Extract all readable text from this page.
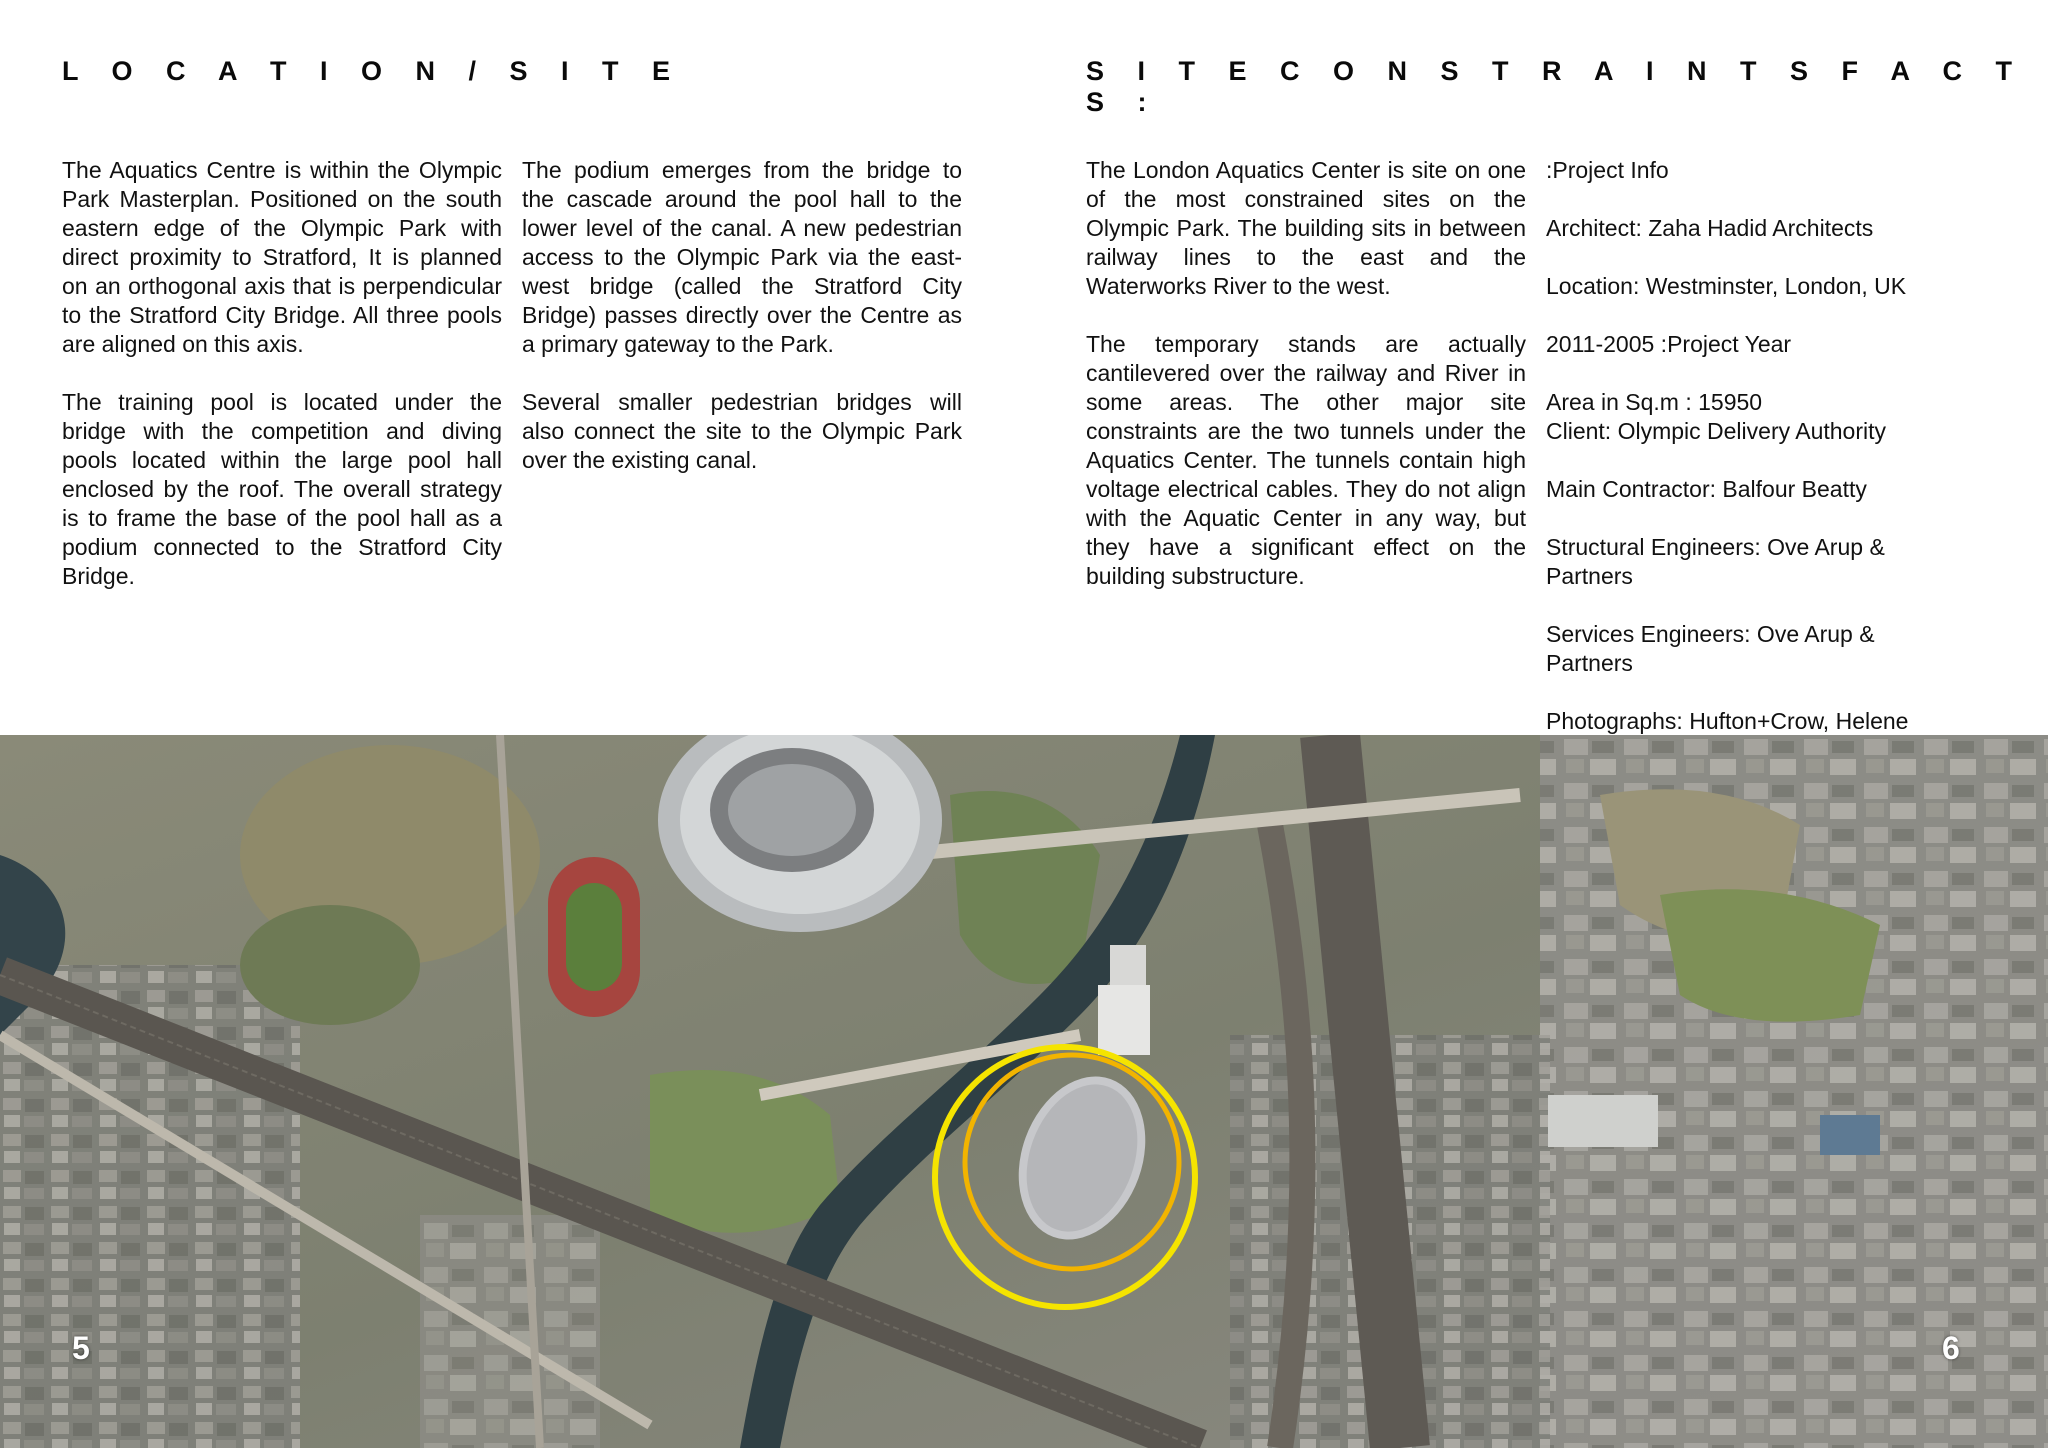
L O C A T I O N / S I T E	S I T E C O N S T R A I N T S F A C T S :

The Aquatics Centre is within the Olympic Park Masterplan. Positioned on the south eastern edge of the Olympic Park with direct proximity to Stratford, It is planned on an orthogonal axis that is perpendicular to the Stratford City Bridge. All three pools are aligned on this axis.

The training pool is located under the bridge with the competition and diving pools located within the large pool hall enclosed by the roof. The overall strategy is to frame the base of the pool hall as a podium connected to the Stratford City Bridge.

The podium emerges from the bridge to the cascade around the pool hall to the lower level of the canal. A new pedestrian access to the Olympic Park via the east-west bridge (called the Stratford City Bridge) passes directly over the Centre as a primary gateway to the Park.

Several smaller pedestrian bridges will also connect the site to the Olympic Park over the existing canal.

The London Aquatics Center is site on one of the most constrained sites on the Olympic Park. The building sits in between railway lines to the east and the Waterworks River to the west.

The temporary stands are actually cantilevered over the railway and River in some areas. The other major site constraints are the two tunnels under the Aquatics Center. The tunnels contain high voltage electrical cables. They do not align with the Aquatic Center in any way, but they have a significant effect on the building substructure.

:Project Info

Architect: Zaha Hadid Architects

Location: Westminster, London, UK

2011-2005 :Project Year

Area in Sq.m : 15950

Client: Olympic Delivery Authority

Main Contractor: Balfour Beatty

Structural Engineers: Ove Arup &

Partners

Services Engineers: Ove Arup &

Partners

Photographs: Hufton+Crow, Helene

5	6
